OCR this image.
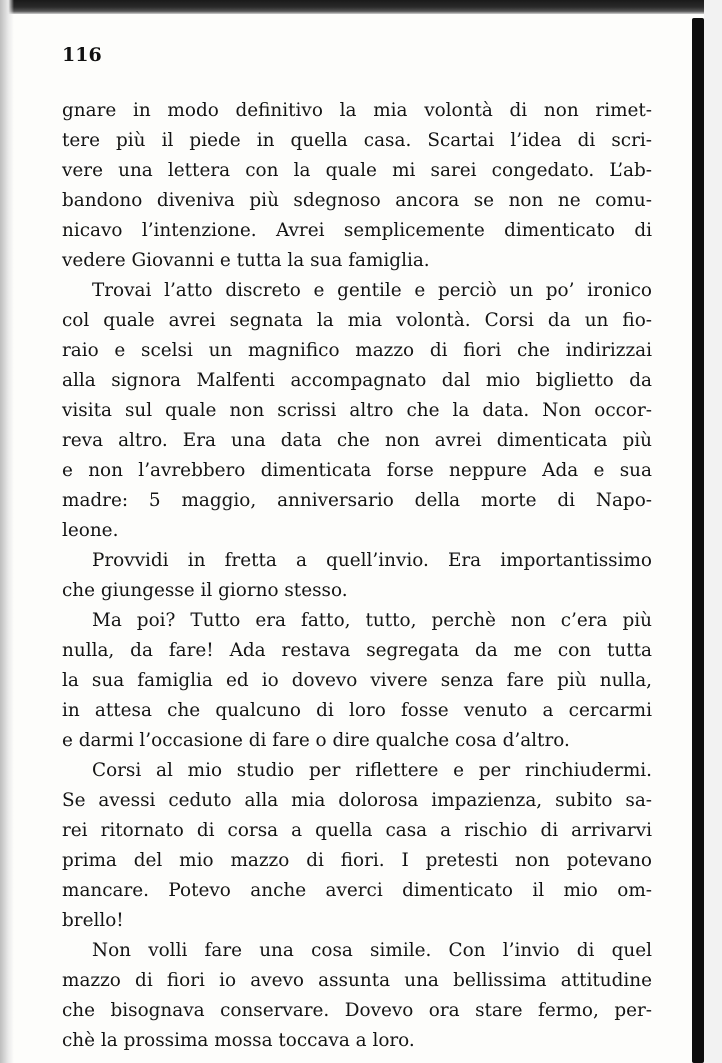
116
gnare in modo definitivo la mia volontà di non rimet-
tere più il piede in quella casa. Scartai l’idea di scri-
vere una lettera con la quale mi sarei congedato. L’ab-
bandono diveniva più sdegnoso ancora se non ne comu-
nicavo l’intenzione. Avrei semplicemente dimenticato di
vedere Giovanni e tutta la sua famiglia.
Trovai l’atto discreto e gentile e perciò un po’ ironico
col quale avrei segnata la mia volontà. Corsi da un fio-
raio e scelsi un magnifico mazzo di fiori che indirizzai
alla signora Malfenti accompagnato dal mio biglietto da
visita sul quale non scrissi altro che la data. Non occor-
reva altro. Era una data che non avrei dimenticata più
e non l’avrebbero dimenticata forse neppure Ada e sua
madre: 5 maggio, anniversario della morte di Napo-
leone.
Provvidi in fretta a quell’invio. Era importantissimo
che giungesse il giorno stesso.
Ma poi? Tutto era fatto, tutto, perchè non c’era più
nulla, da fare! Ada restava segregata da me con tutta
la sua famiglia ed io dovevo vivere senza fare più nulla,
in attesa che qualcuno di loro fosse venuto a cercarmi
e darmi l’occasione di fare o dire qualche cosa d’altro.
Corsi al mio studio per riflettere e per rinchiudermi.
Se avessi ceduto alla mia dolorosa impazienza, subito sa-
rei ritornato di corsa a quella casa a rischio di arrivarvi
prima del mio mazzo di fiori. I pretesti non potevano
mancare. Potevo anche averci dimenticato il mio om-
brello!
Non volli fare una cosa simile. Con l’invio di quel
mazzo di fiori io avevo assunta una bellissima attitudine
che bisognava conservare. Dovevo ora stare fermo, per-
chè la prossima mossa toccava a loro.
